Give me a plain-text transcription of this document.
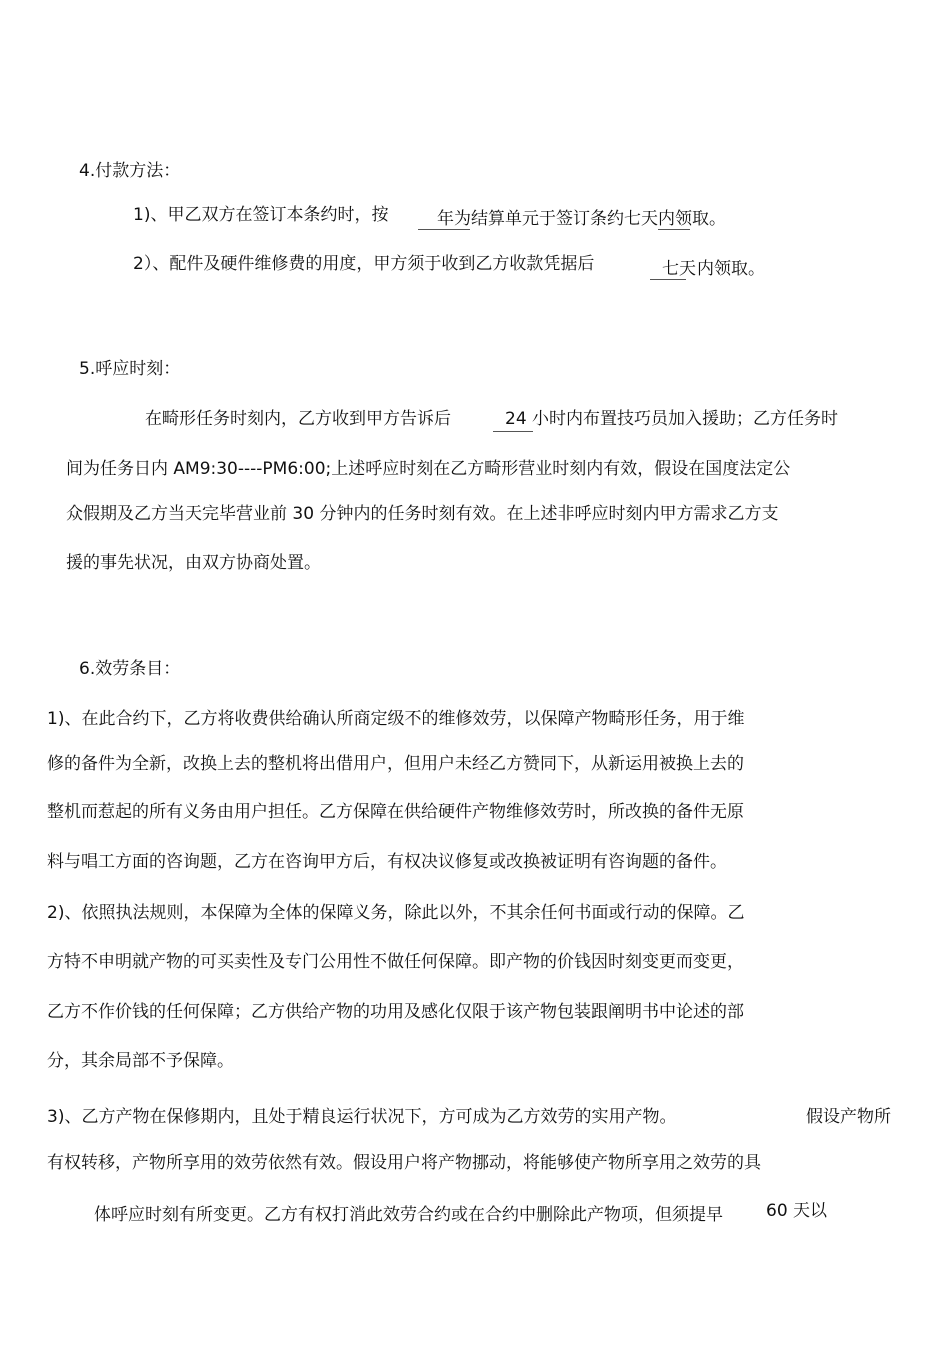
4.付款方法：
1)、甲乙双方在签订本条约时，按	年为 结算单元于签订条约七天内领取。
2）、配件及硬件维修费的用度，甲方须于收到乙方收款凭据后	七天 内领取。
5.呼应时刻：
在畸形任务时刻内，乙方收到甲方告诉后	24 小时内布置技巧员加入援助；乙方任务时
间为任务日内 AM9:30----PM6:00;上述呼应时刻在乙方畸形营业时刻内有效，假设在国度法定公
众假期及乙方当天完毕营业前 30 分钟内的任务时刻有效。在上述非呼应时刻内甲方需求乙方支
援的事先状况，由双方协商处置。
6.效劳条目：
1)、在此合约下，乙方将收费供给确认所商定级不的维修效劳，以保障产物畸形任务，用于维
修的备件为全新，改换上去的整机将出借用户，但用户未经乙方赞同下，从新运用被换上去的
整机而惹起的所有义务由用户担任。乙方保障在供给硬件产物维修效劳时，所改换的备件无原
料与唱工方面的咨询题，乙方在咨询甲方后，有权决议修复或改换被证明有咨询题的备件。
2)、依照执法规则，本保障为全体的保障义务，除此以外，不其余任何书面或行动的保障。乙
方特不申明就产物的可买卖性及专门公用性不做任何保障。即产物的价钱因时刻变更而变更，
乙方不作价钱的任何保障；乙方供给产物的功用及感化仅限于该产物包装跟阐明书中论述的部
分，其余局部不予保障。
3)、乙方产物在保修期内，且处于精良运行状况下，方可成为乙方效劳的实用产物。	假设产物所
有权转移，产物所享用的效劳依然有效。假设用户将产物挪动，将能够使产物所享用之效劳的具
体呼应时刻有所变更。乙方有权打消此效劳合约或在合约中删除此产物项，但须提早	60 天以
